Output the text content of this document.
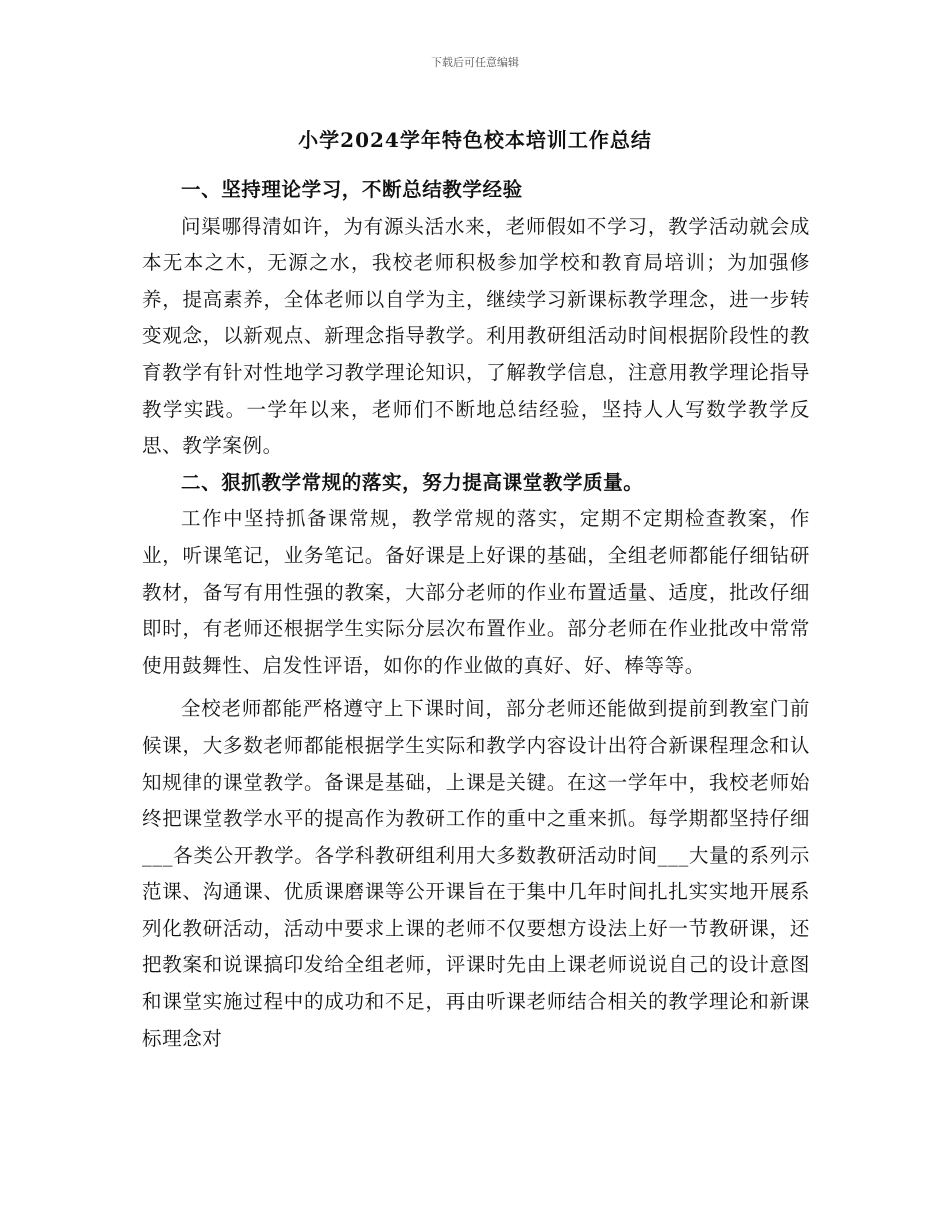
下载后可任意编辑
小学2024学年特色校本培训工作总结

一、坚持理论学习，不断总结教学经验

问渠哪得清如许，为有源头活水来，老师假如不学习，教学活动就会成本无本之木，无源之水，我校老师积极参加学校和教育局培训；为加强修养，提高素养，全体老师以自学为主，继续学习新课标教学理念，进一步转变观念，以新观点、新理念指导教学。利用教研组活动时间根据阶段性的教育教学有针对性地学习教学理论知识，了解教学信息，注意用教学理论指导教学实践。一学年以来，老师们不断地总结经验，坚持人人写数学教学反思、教学案例。

二、狠抓教学常规的落实，努力提高课堂教学质量。

工作中坚持抓备课常规，教学常规的落实，定期不定期检查教案，作业，听课笔记，业务笔记。备好课是上好课的基础，全组老师都能仔细钻研教材，备写有用性强的教案，大部分老师的作业布置适量、适度，批改仔细即时，有老师还根据学生实际分层次布置作业。部分老师在作业批改中常常使用鼓舞性、启发性评语，如你的作业做的真好、好、棒等等。

全校老师都能严格遵守上下课时间，部分老师还能做到提前到教室门前候课，大多数老师都能根据学生实际和教学内容设计出符合新课程理念和认知规律的课堂教学。备课是基础，上课是关键。在这一学年中，我校老师始终把课堂教学水平的提高作为教研工作的重中之重来抓。每学期都坚持仔细___各类公开教学。各学科教研组利用大多数教研活动时间___大量的系列示范课、沟通课、优质课磨课等公开课旨在于集中几年时间扎扎实实地开展系列化教研活动，活动中要求上课的老师不仅要想方设法上好一节教研课，还把教案和说课搞印发给全组老师，评课时先由上课老师说说自己的设计意图和课堂实施过程中的成功和不足，再由听课老师结合相关的教学理论和新课标理念对
